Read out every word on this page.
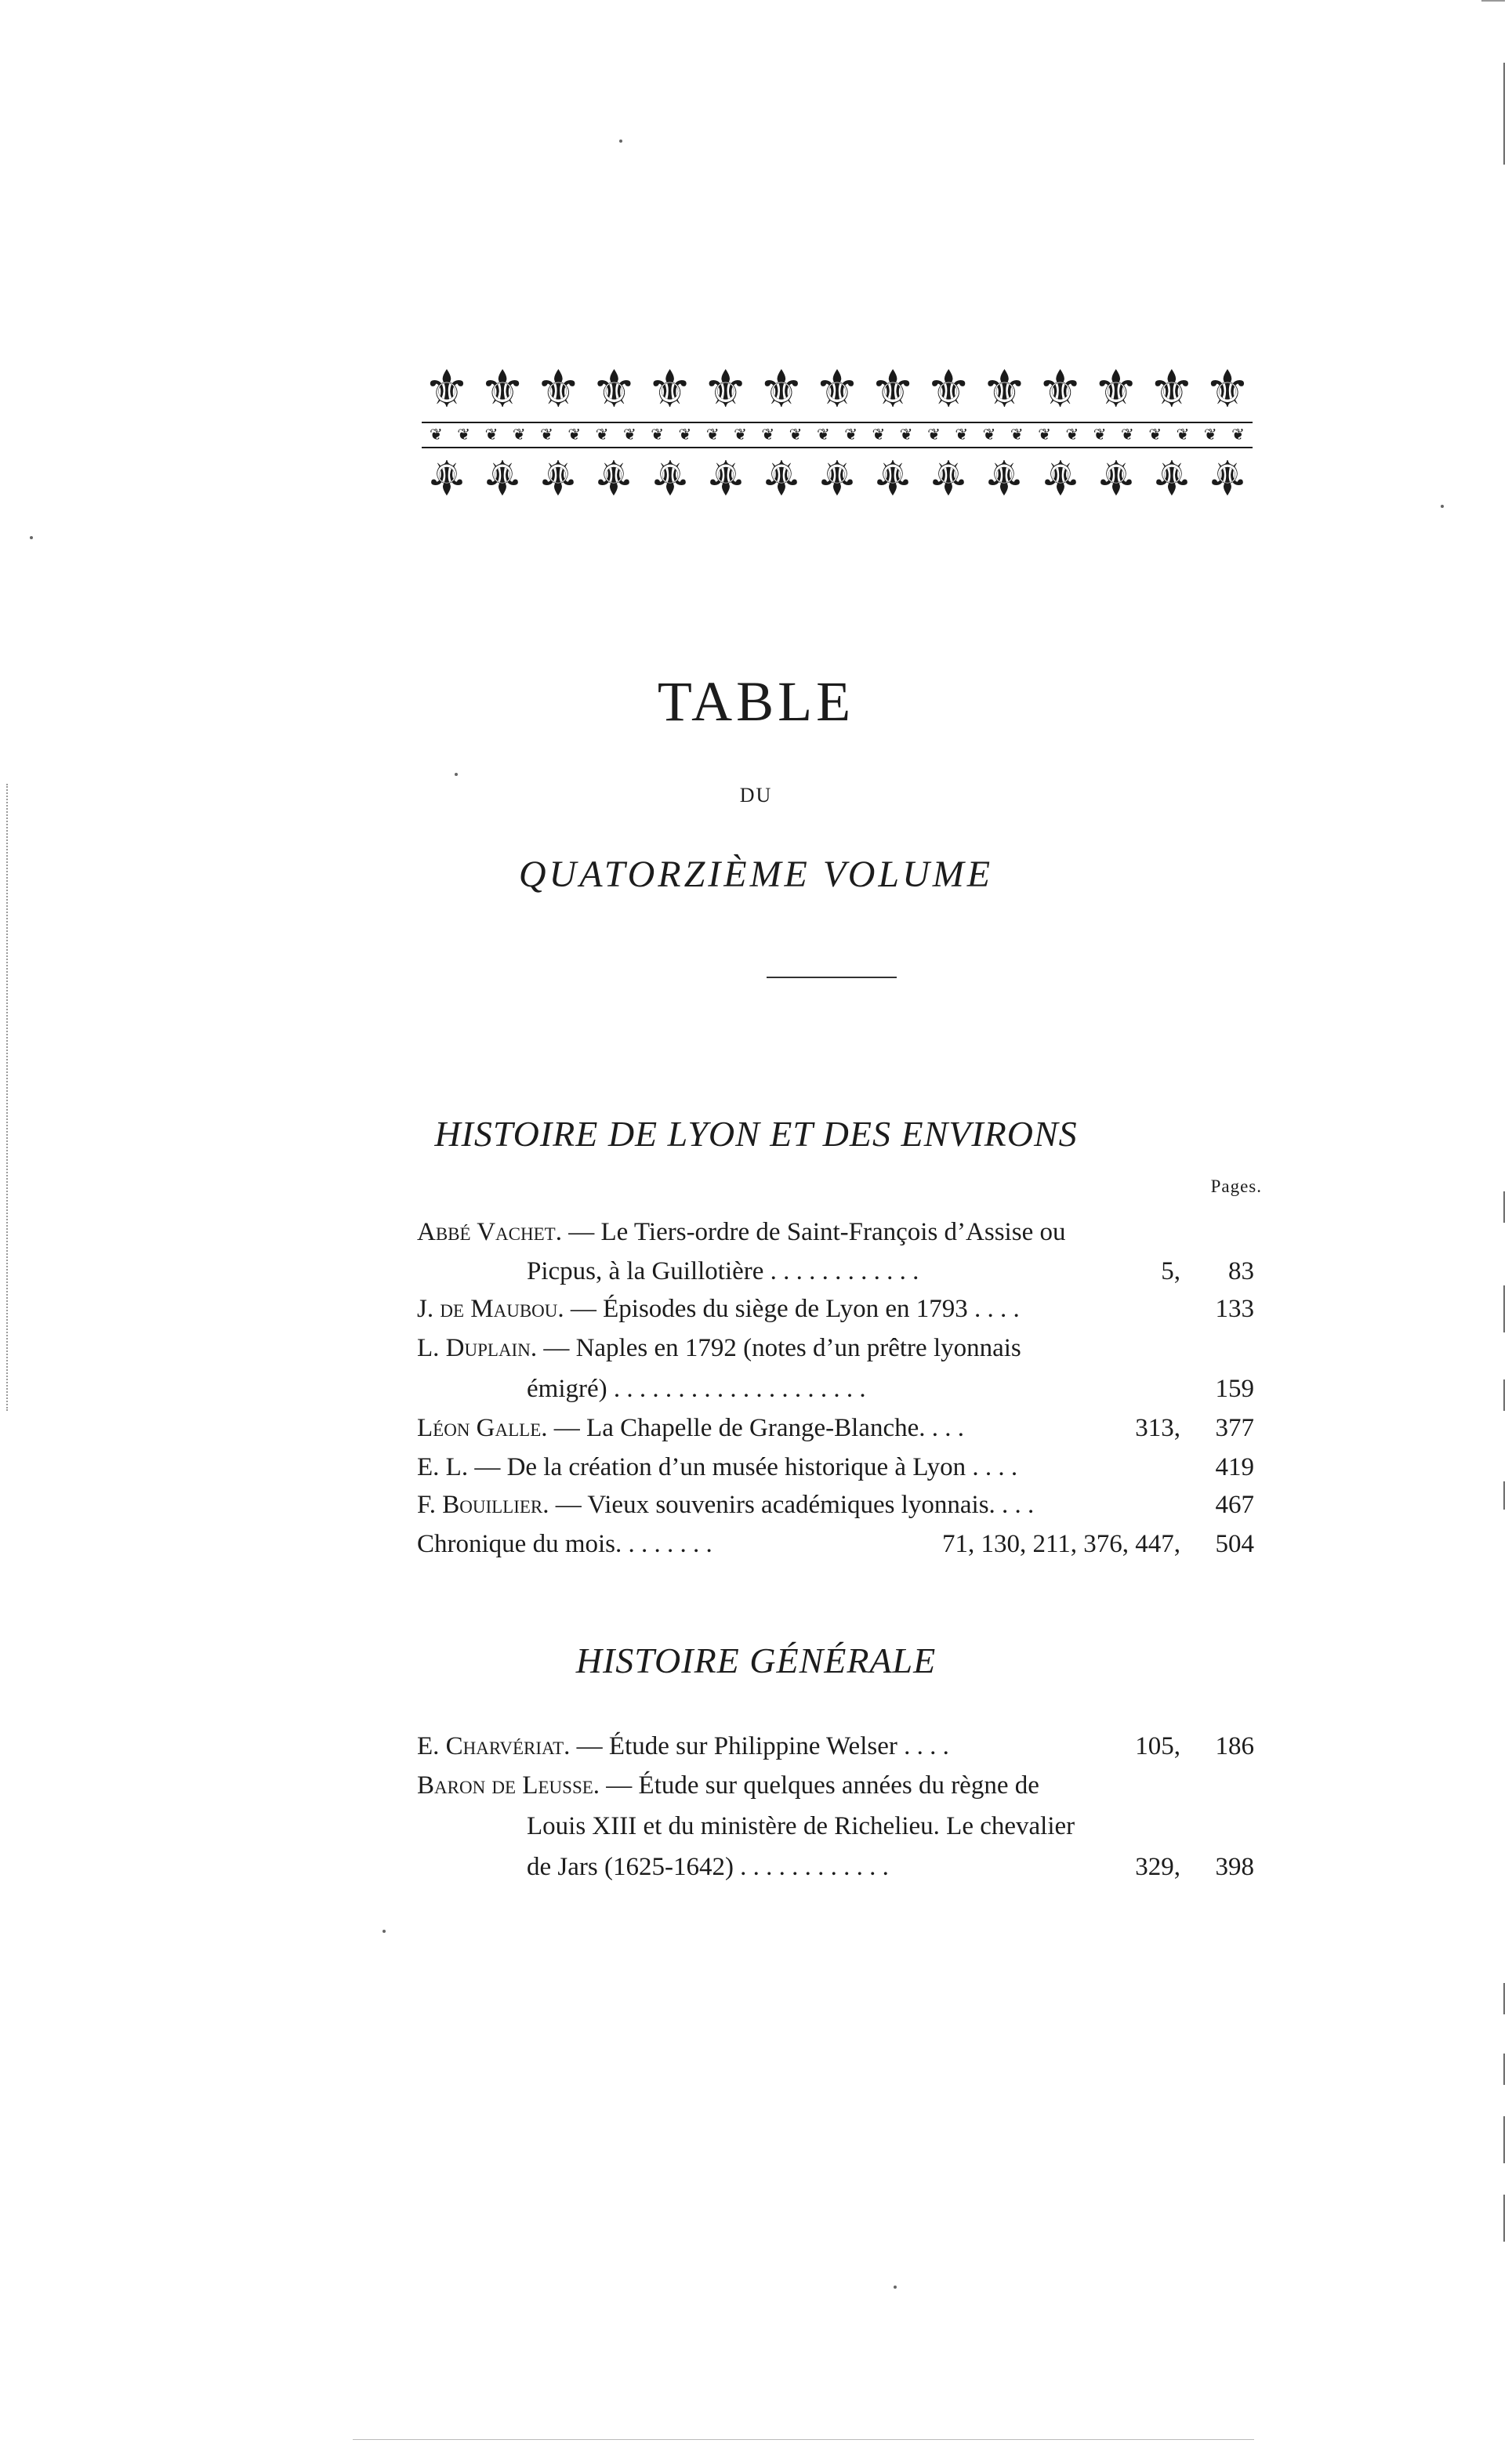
⚜ ⚜ ⚜ ⚜ ⚜ ⚜ ⚜ ⚜ ⚜ ⚜ ⚜ ⚜ ⚜ ⚜ ⚜
❦ ❦ ❦ ❦ ❦ ❦ ❦ ❦ ❦ ❦ ❦ ❦ ❦ ❦ ❦ ❦ ❦ ❦ ❦ ❦ ❦ ❦ ❦ ❦ ❦ ❦ ❦ ❦ ❦ ❦
⚜ ⚜ ⚜ ⚜ ⚜ ⚜ ⚜ ⚜ ⚜ ⚜ ⚜ ⚜ ⚜ ⚜ ⚜
TABLE
DU
QUATORZIÈME VOLUME
HISTOIRE DE LYON ET DES ENVIRONS
Pages.
Abbé Vachet. — Le Tiers-ordre de Saint-François d’Assise ou
Picpus, à la Guillotière . . . . . . . . . . . .	5,	83
J. de Maubou. — Épisodes du siège de Lyon en 1793 . . . .	133
L. Duplain. — Naples en 1792 (notes d’un prêtre lyonnais
émigré) . . . . . . . . . . . . . . . . . . . .	159
Léon Galle. — La Chapelle de Grange-Blanche. . . .	313,	377
E. L. — De la création d’un musée historique à Lyon . . . .	419
F. Bouillier. — Vieux souvenirs académiques lyonnais. . . .	467
Chronique du mois. . . . . . . .	71, 130, 211, 376, 447,	504
HISTOIRE GÉNÉRALE
E. Charvériat. — Étude sur Philippine Welser . . . .	105,	186
Baron de Leusse. — Étude sur quelques années du règne de
Louis XIII et du ministère de Richelieu. Le chevalier
de Jars (1625-1642) . . . . . . . . . . . .	329,	398
